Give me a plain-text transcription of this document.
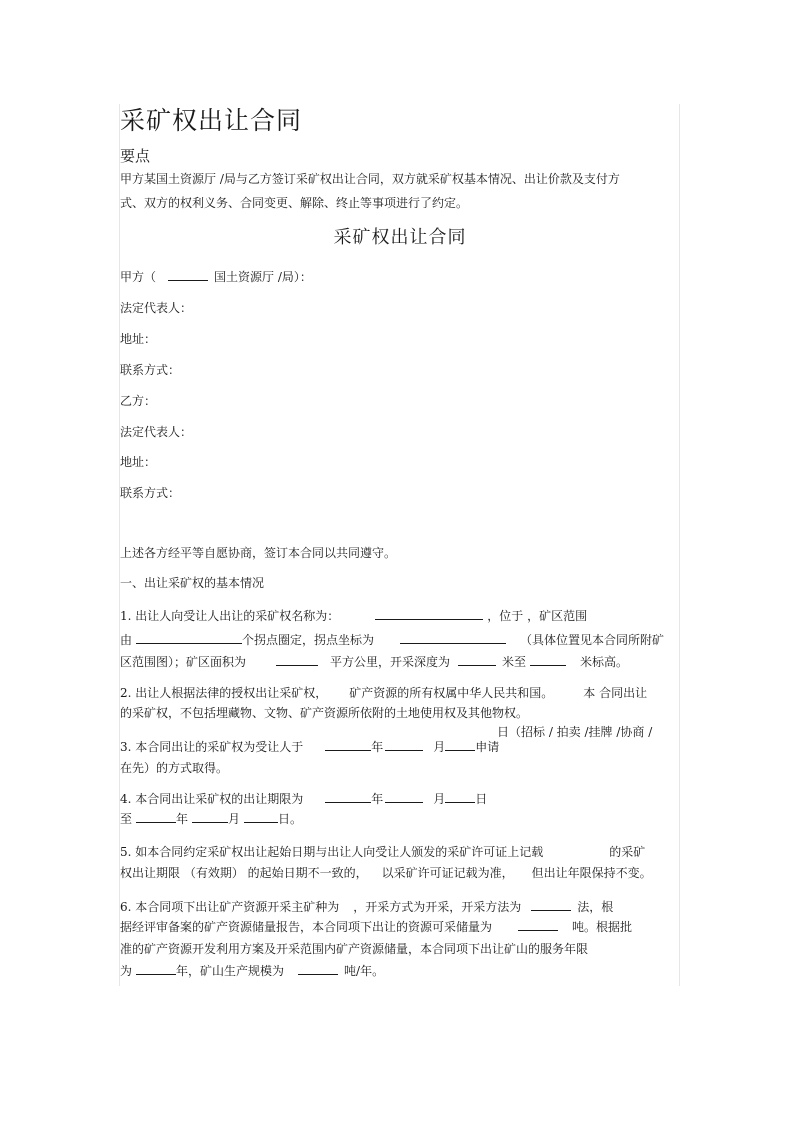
采矿权出让合同
要点
甲方某国土资源厅 /局与乙方签订采矿权出让合同，双方就采矿权基本情况、出让价款及支付方
式、双方的权利义务、合同变更、解除、终止等事项进行了约定。
采矿权出让合同
甲方（	国土资源厅 /局）：
法定代表人：
地址：
联系方式：
乙方：
法定代表人：
地址：
联系方式：
上述各方经平等自愿协商，签订本合同以共同遵守。
一、出让采矿权的基本情况
1. 出让人向受让人出让的采矿权名称为：	，位于 ，矿区范围
由	个拐点圈定，拐点坐标为	（具体位置见本合同所附矿
区范围图）；矿区面积为	平方公里，开采深度为	米至	米标高。
2. 出让人根据法律的授权出让采矿权， 矿产资源的所有权属中华人民共和国。	本 合同出让
的采矿权，不包括埋藏物、文物、矿产资源所依附的土地使用权及其他物权。
日（招标 / 拍卖 /挂牌 /协商 /
3. 本合同出让的采矿权为受让人于	年	月	申请
在先）的方式取得。
4. 本合同出让采矿权的出让期限为	年	月	日
至	年	月	日。
5. 如本合同约定采矿权出让起始日期与出让人向受让人颁发的采矿许可证上记载	的采矿
权出让期限 （有效期） 的起始日期不一致的， 以采矿许可证记载为准， 但出让年限保持不变。
6. 本合同项下出让矿产资源开采主矿种为 ，开采方式为开采，开采方法为	法，根
据经评审备案的矿产资源储量报告，本合同项下出让的资源可采储量为	吨。根据批
准的矿产资源开发利用方案及开采范围内矿产资源储量，本合同项下出让矿山的服务年限
为	年，矿山生产规模为	吨/年。
